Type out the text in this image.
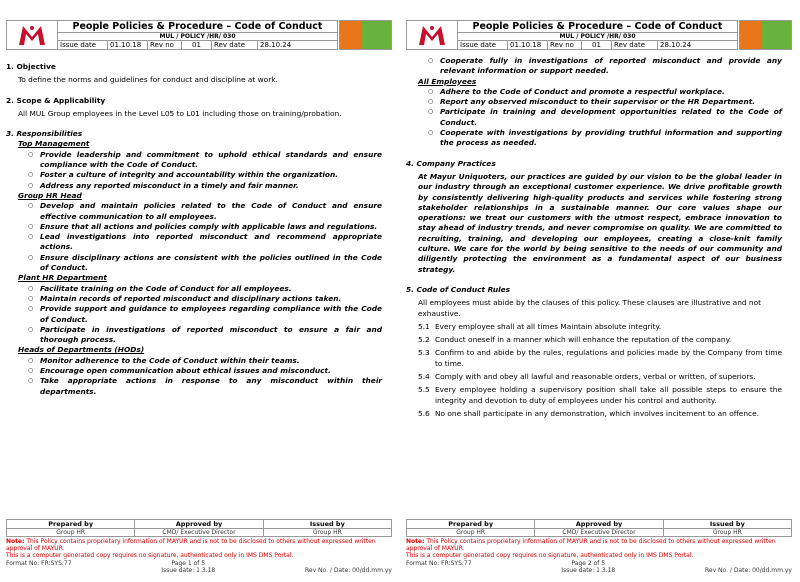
People Policies & Procedure – Code of Conduct
MUL / POLICY /HR/ 030
Issue date	01.10.18	Rev no	01	Rev date	28.10.24

1. Objective

To define the norms and guidelines for conduct and discipline at work.

2. Scope & Applicability

All MUL Group employees in the Level L05 to L01 including those on training/probation.

3. Responsibilities

Top Management

○ Provide leadership and commitment to uphold ethical standards and ensure compliance with the Code of Conduct.

○ Foster a culture of integrity and accountability within the organization.

○ Address any reported misconduct in a timely and fair manner.

Group HR Head

○ Develop and maintain policies related to the Code of Conduct and ensure effective communication to all employees.

○ Ensure that all actions and policies comply with applicable laws and regulations.

○ Lead investigations into reported misconduct and recommend appropriate actions.

○ Ensure disciplinary actions are consistent with the policies outlined in the Code of Conduct.

Plant HR Department

○ Facilitate training on the Code of Conduct for all employees.

○ Maintain records of reported misconduct and disciplinary actions taken.

○ Provide support and guidance to employees regarding compliance with the Code of Conduct.

○ Participate in investigations of reported misconduct to ensure a fair and thorough process.

Heads of Departments (HODs)

○ Monitor adherence to the Code of Conduct within their teams.

○ Encourage open communication about ethical issues and misconduct.

○ Take appropriate actions in response to any misconduct within their departments.

Prepared by	Approved by	Issued by
Group HR	CMD/ Executive Director	Group HR
Note: This Policy contains proprietary information of MAYUR and is not to be disclosed to others without expressed written approval of MAYUR.
This is a computer generated copy requires no signature, authenticated only in IMS DMS Portal.
Format No: FR:SYS:77	Page 1 of 5
Issue date: 1.3.18	Rev No. / Date: 00/dd.mm.yy
People Policies & Procedure – Code of Conduct
MUL / POLICY /HR/ 030
Issue date	01.10.18	Rev no	01	Rev date	28.10.24

○ Cooperate fully in investigations of reported misconduct and provide any relevant information or support needed.

All Employees

○ Adhere to the Code of Conduct and promote a respectful workplace.

○ Report any observed misconduct to their supervisor or the HR Department.

○ Participate in training and development opportunities related to the Code of Conduct.

○ Cooperate with investigations by providing truthful information and supporting the process as needed.

4. Company Practices

At Mayur Uniquoters, our practices are guided by our vision to be the global leader in our industry through an exceptional customer experience. We drive profitable growth by consistently delivering high-quality products and services while fostering strong stakeholder relationships in a sustainable manner. Our core values shape our operations: we treat our customers with the utmost respect, embrace innovation to stay ahead of industry trends, and never compromise on quality. We are committed to recruiting, training, and developing our employees, creating a close-knit family culture. We care for the world by being sensitive to the needs of our community and diligently protecting the environment as a fundamental aspect of our business strategy.

5. Code of Conduct Rules

All employees must abide by the clauses of this policy. These clauses are illustrative and not exhaustive.

5.1 Every employee shall at all times Maintain absolute integrity.
5.2 Conduct oneself in a manner which will enhance the reputation of the company.
5.3 Confirm to and abide by the rules, regulations and policies made by the Company from time to time.
5.4 Comply with and obey all lawful and reasonable orders, verbal or written, of superiors.
5.5 Every employee holding a supervisory position shall take all possible steps to ensure the integrity and devotion to duty of employees under his control and authority.
5.6 No one shall participate in any demonstration, which involves incitement to an offence.
Prepared by	Approved by	Issued by
Group HR	CMD/ Executive Director	Group HR
Note: This Policy contains proprietary information of MAYUR and is not to be disclosed to others without expressed written approval of MAYUR.
This is a computer generated copy requires no signature, authenticated only in IMS DMS Portal.
Format No: FR:SYS:77	Page 2 of 5
Issue date: 1.3.18	Rev No. / Date: 00/dd.mm.yy
